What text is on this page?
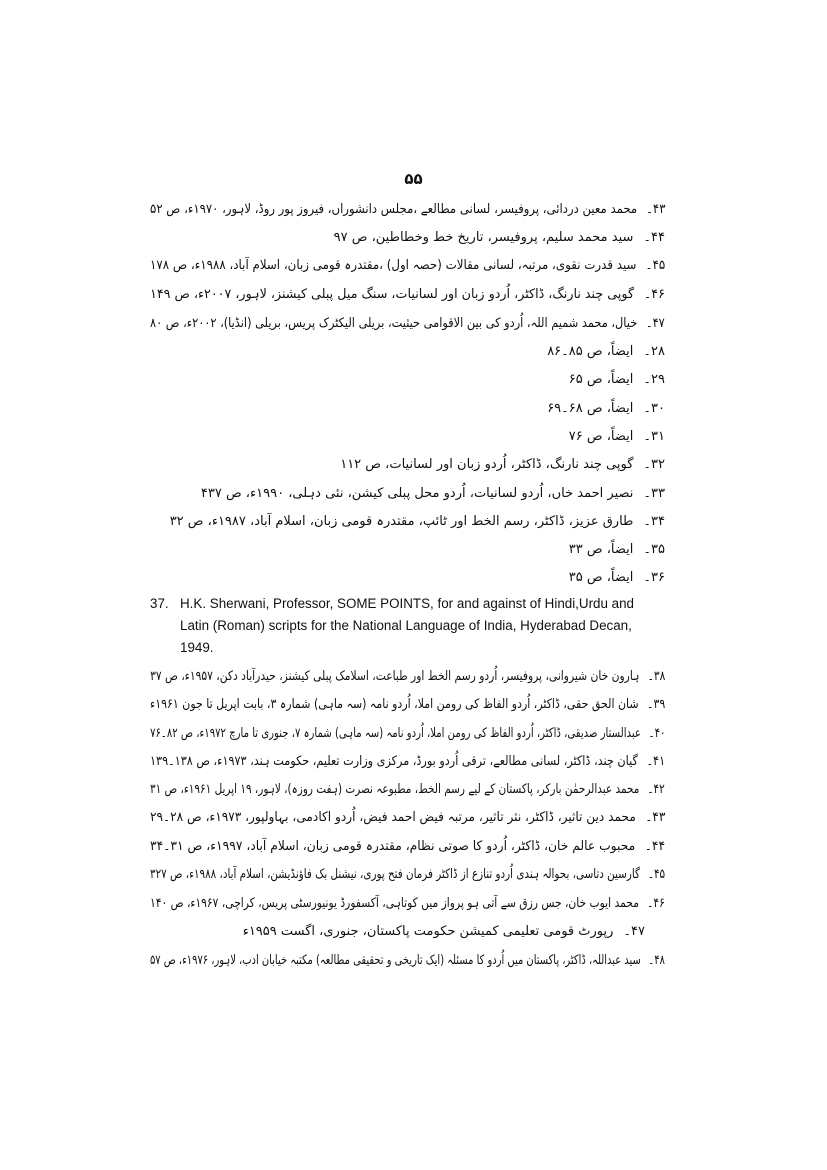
۵۵
۴۳۔محمد معین دردائی، پروفیسر، لسانی مطالعے ،مجلس دانشوراں، فیروز پور روڈ، لاہور، ۱۹۷۰ء، ص ۵۲
۴۴۔سید محمد سلیم، پروفیسر، تاریخ خط وخطاطین، ص ۹۷
۴۵۔سید قدرت نقوی، مرتبہ، لسانی مقالات (حصہ اول) ،مقتدرہ قومی زبان، اسلام آباد، ۱۹۸۸ء، ص ۱۷۸
۴۶۔گوپی چند نارنگ، ڈاکٹر، اُردو زبان اور لسانیات، سنگ میل پبلی کیشنز، لاہور، ۲۰۰۷ء، ص ۱۴۹
۴۷۔خیال، محمد شمیم اللہ، اُردو کی بین الاقوامی حیثیت، بریلی الیکٹرک پریس، بریلی (انڈیا)، ۲۰۰۲ء، ص ۸۰
۲۸۔ایضاً، ص ۸۵۔۸۶
۲۹۔ایضاً، ص ۶۵
۳۰۔ایضاً، ص ۶۸۔۶۹
۳۱۔ایضاً، ص ۷۶
۳۲۔گوپی چند نارنگ، ڈاکٹر، اُردو زبان اور لسانیات، ص ۱۱۲
۳۳۔نصیر احمد خاں، اُردو لسانیات، اُردو محل پبلی کیشن، نئی دہلی، ۱۹۹۰ء، ص ۴۳۷
۳۴۔طارق عزیز، ڈاکٹر، رسم الخط اور ٹائپ، مقتدرہ قومی زبان، اسلام آباد، ۱۹۸۷ء، ص ۳۲
۳۵۔ایضاً، ص ۳۳
۳۶۔ایضاً، ص ۳۵
37. H.K. Sherwani, Professor, SOME POINTS, for and against of Hindi,Urdu and Latin (Roman) scripts for the National Language of India, Hyderabad Decan, 1949.
۳۸۔ہارون خان شیروانی، پروفیسر، اُردو رسم الخط اور طباعت، اسلامک پبلی کیشنز، حیدرآباد دکن، ۱۹۵۷ء، ص ۳۷
۳۹۔شان الحق حقی، ڈاکٹر، اُردو الفاظ کی رومن املا، اُردو نامہ (سہ ماہی) شمارہ ۳، بابت اپریل تا جون ۱۹۶۱ء
۴۰۔عبدالستار صدیقی، ڈاکٹر، اُردو الفاظ کی رومن املا، اُردو نامہ (سہ ماہی) شمارہ ۷، جنوری تا مارچ ۱۹۷۲ء، ص ۸۲۔۷۶
۴۱۔گیان چند، ڈاکٹر، لسانی مطالعے، ترقی اُردو بورڈ، مرکزی وزارت تعلیم، حکومت ہند، ۱۹۷۳ء، ص ۱۳۸۔۱۳۹
۴۲۔محمد عبدالرحمٰن بارکر، پاکستان کے لیے رسم الخط، مطبوعہ نصرت (ہفت روزہ)، لاہور، ۱۹ اپریل ۱۹۶۱ء، ص ۳۱
۴۳۔محمد دین تاثیر، ڈاکٹر، نثر تاثیر، مرتبہ فیض احمد فیض، اُردو اکادمی، بہاولپور، ۱۹۷۳ء، ص ۲۸۔۲۹
۴۴۔محبوب عالم خان، ڈاکٹر، اُردو کا صوتی نظام، مقتدرہ قومی زبان، اسلام آباد، ۱۹۹۷ء، ص ۳۱۔۳۴
۴۵۔گارسین دتاسی، بحوالہ ہندی اُردو تنازع از ڈاکٹر فرمان فتح پوری، نیشنل بک فاؤنڈیشن، اسلام آباد، ۱۹۸۸ء، ص ۳۲۷
۴۶۔محمد ایوب خان، جس رزق سے آتی ہو پرواز میں کوتاہی، آکسفورڈ یونیورسٹی پریس، کراچی، ۱۹۶۷ء، ص ۱۴۰
۴۷۔رپورٹ قومی تعلیمی کمیشن حکومت پاکستان، جنوری، اگست ۱۹۵۹ء
۴۸۔سید عبداللہ، ڈاکٹر، پاکستان میں اُردو کا مسئلہ (ایک تاریخی و تحقیقی مطالعہ) مکتبہ خیابان ادب، لاہور، ۱۹۷۶ء، ص ۵۷
